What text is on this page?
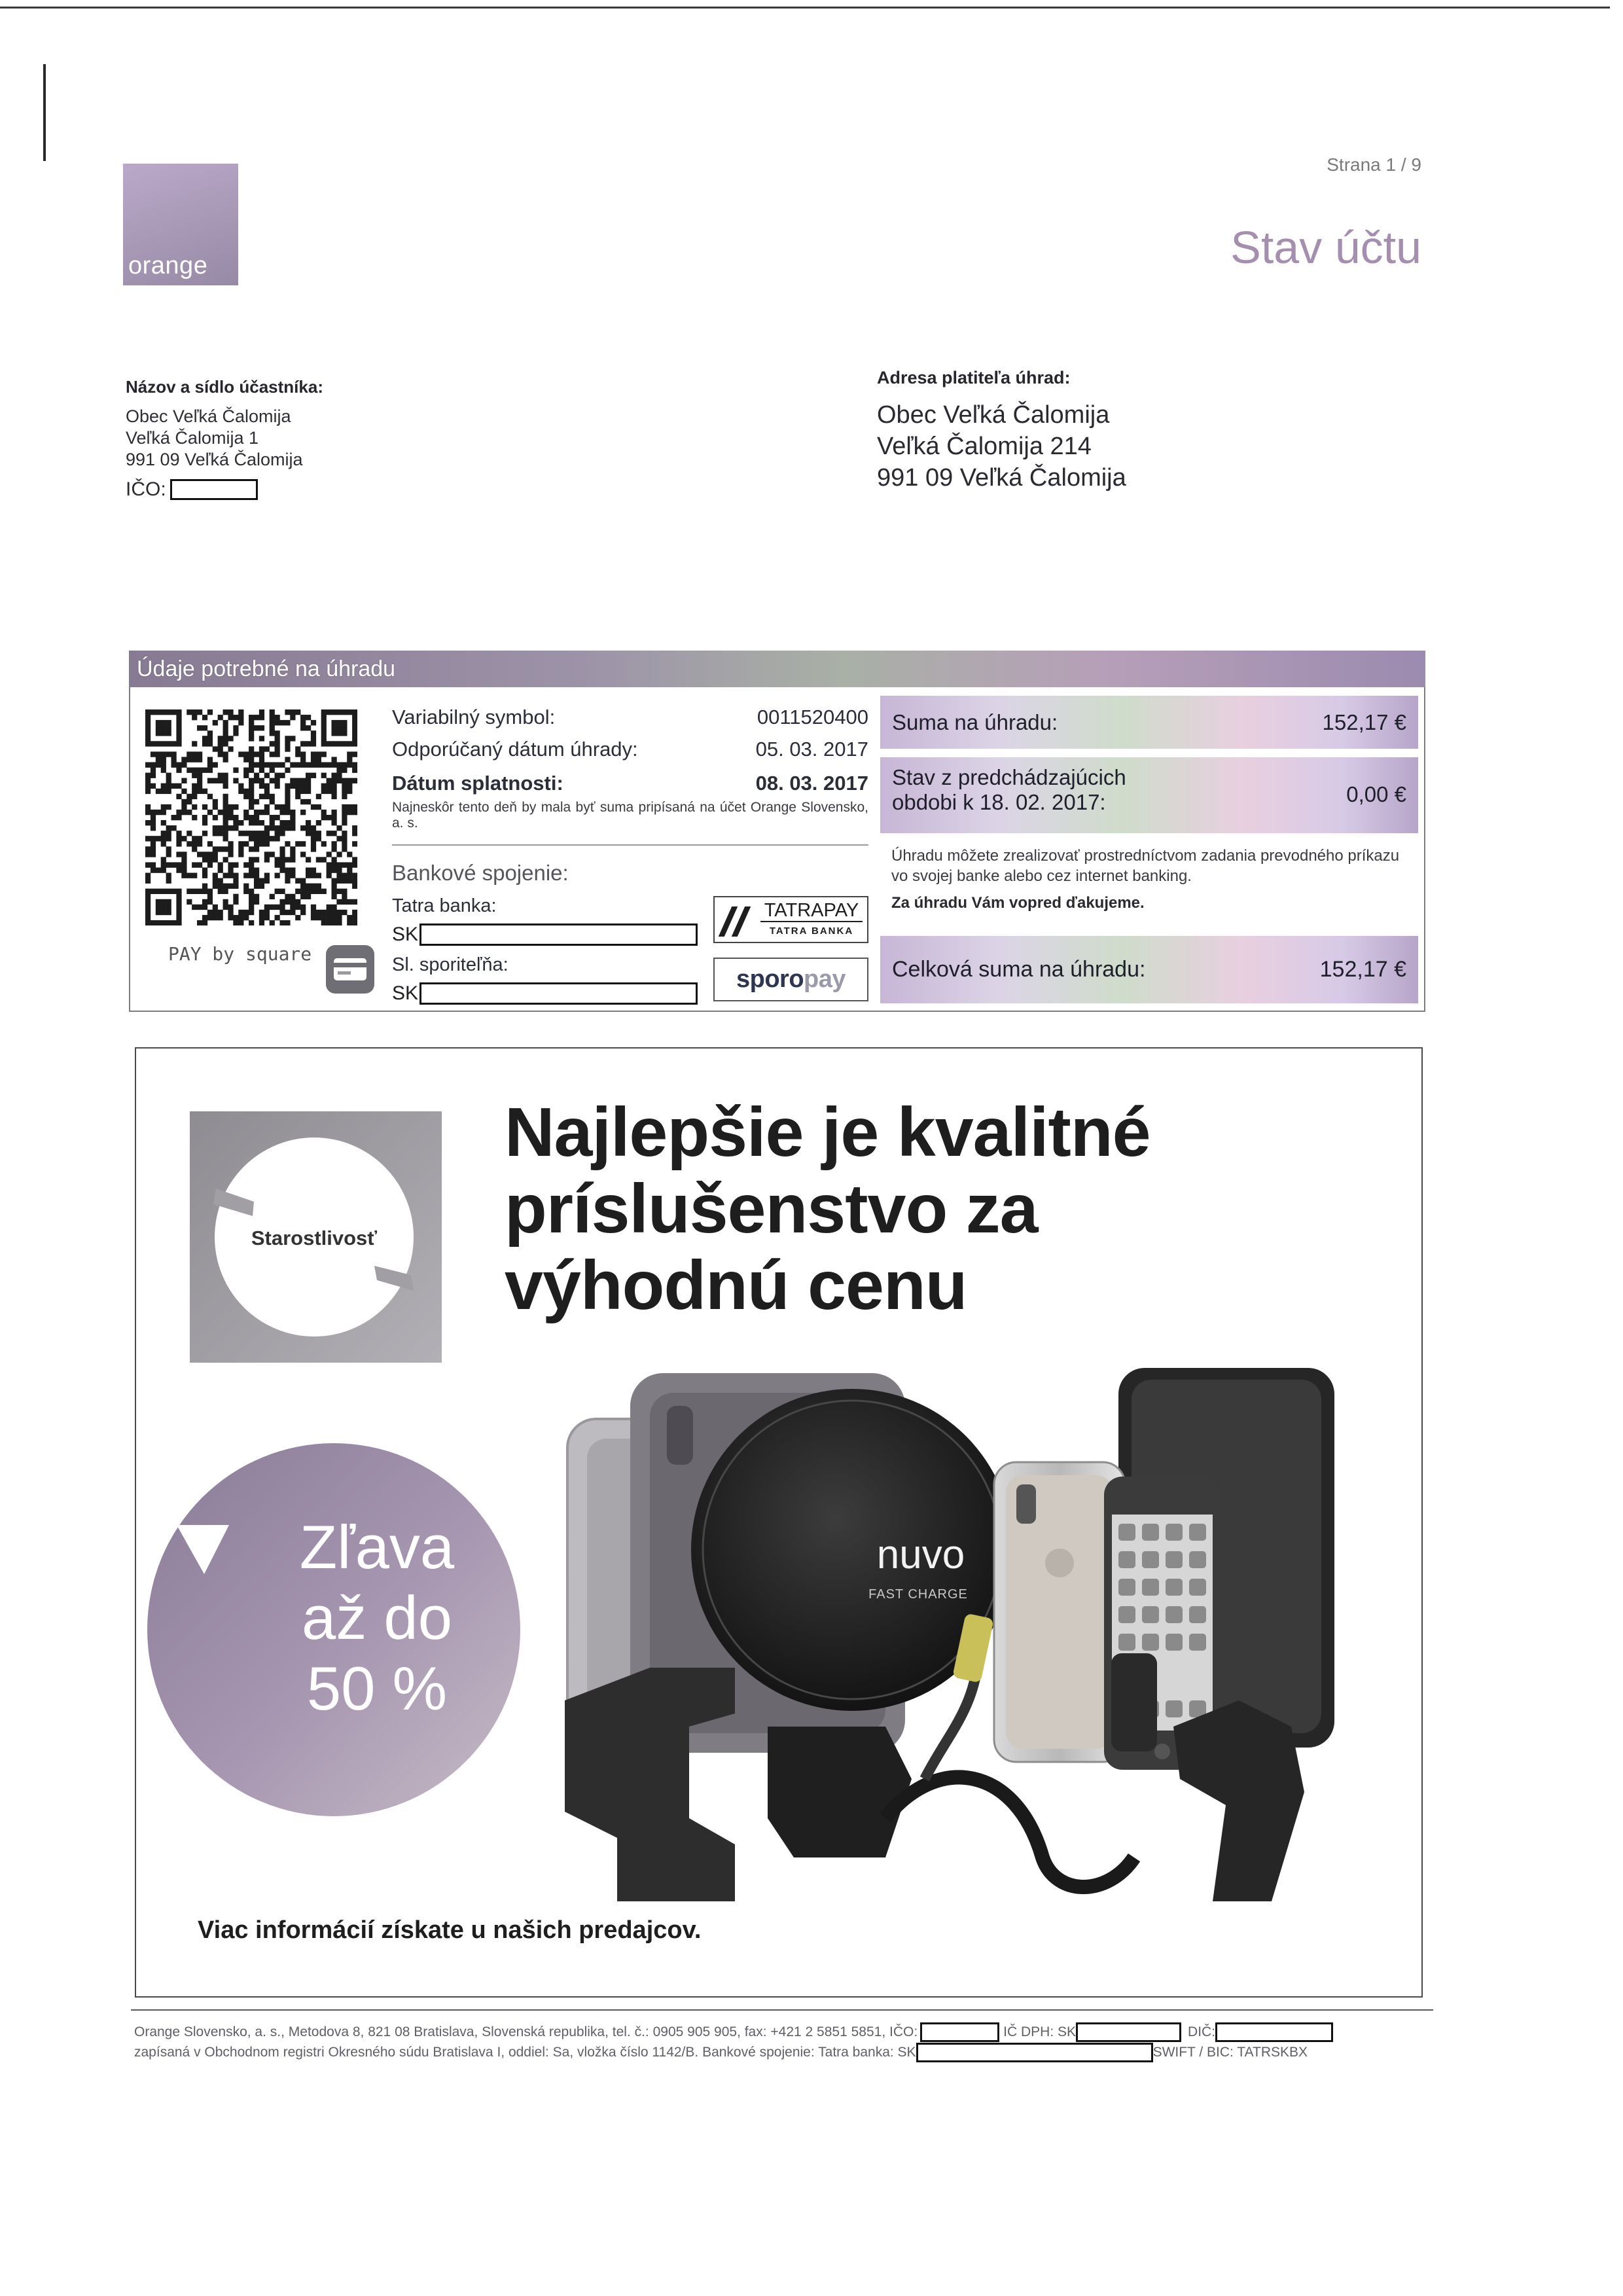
orange
Strana 1 / 9
Stav účtu
Názov a sídlo účastníka:
Obec Veľká Čalomija
Veľká Čalomija 1
991 09 Veľká Čalomija
IČO:
Adresa platiteľa úhrad:
Obec Veľká Čalomija
Veľká Čalomija 214
991 09 Veľká Čalomija
Údaje potrebné na úhradu
PAY by square
Variabilný symbol:	0011520400
Odporúčaný dátum úhrady:	05. 03. 2017
Dátum splatnosti:	08. 03. 2017
Najneskôr tento deň by mala byť suma pripísaná na účet Orange Slovensko, a. s.
Bankové spojenie:
Tatra banka:
SK
Sl. sporiteľňa:
SK
TATRAPAY
TATRA BANKA
sporo pay
Suma na úhradu:	152,17 €
Stav z predchádzajúcich
obdobi k 18. 02. 2017:	0,00 €
Úhradu môžete zrealizovať prostredníctvom zadania prevodného príkazu vo svojej banke alebo cez internet banking.
Za úhradu Vám vopred ďakujeme.
Celková suma na úhradu:	152,17 €
Starostlivosť
Najlepšie je kvalitné
príslušenstvo za
výhodnú cenu
Zľava
až do
50 %
nuvo
FAST CHARGE
Viac informácií získate u našich predajcov.
Orange Slovensko, a. s., Metodova 8, 821 08 Bratislava, Slovenská republika, tel. č.: 0905 905 905, fax: +421 2 5851 5851, IČO:	IČ DPH: SK	DIČ:
zapísaná v Obchodnom registri Okresného súdu Bratislava I, oddiel: Sa, vložka číslo 1142/B. Bankové spojenie: Tatra banka: SK	SWIFT / BIC: TATRSKBX
